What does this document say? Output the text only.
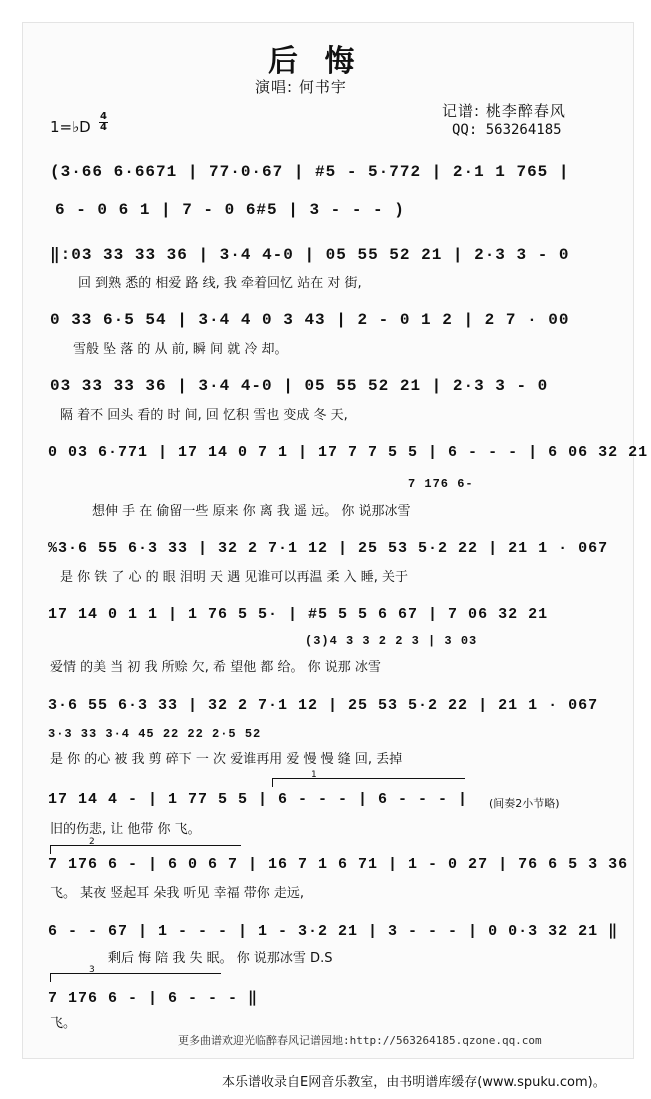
后 悔
演唱: 何书宇
记谱: 桃李醉春风
QQ: 563264185
1=♭D
4
4
(3·66 6·6671 | 77·0·67 | #5 - 5·772 | 2·1 1 765 |
6 - 0 6 1 | 7 - 0 6#5 | 3 - - - )
‖:03 33 33 36 | 3·4 4-0 | 05 55 52 21 | 2·3 3 - 0
回 到熟 悉的 相爱 路 线, 我 牵着回忆 站在 对 街,
0 33 6·5 54 | 3·4 4 0 3 43 | 2 - 0 1 2 | 2 7 · 00
雪般 坠 落 的 从 前, 瞬 间 就 冷 却。
03 33 33 36 | 3·4 4-0 | 05 55 52 21 | 2·3 3 - 0
隔 着不 回头 看的 时 间, 回 忆积 雪也 变成 冬 天,
0 03 6·771 | 17 14 0 7 1 | 17 7 7 5 5 | 6 - - - | 6 06 32 21
7 176 6-
想伸 手 在 偷留一些 原来 你 离 我 遥 远。 你 说那冰雪
%3·6 55 6·3 33 | 32 2 7·1 12 | 25 53 5·2 22 | 21 1 · 067
是 你 铁 了 心 的 眼 泪明 天 遇 见谁可以再温 柔 入 睡, 关于
17 14 0 1 1 | 1 76 5 5· | #5 5 5 6 67 | 7 06 32 21
(3)4 3 3 2 2 3 | 3 03
爱情 的美 当 初 我 所赊 欠, 希 望他 都 给。 你 说那 冰雪
3·6 55 6·3 33 | 32 2 7·1 12 | 25 53 5·2 22 | 21 1 · 067
3·3 33 3·4 45 22 22 2·5 52
是 你 的心 被 我 剪 碎下 一 次 爱谁再用 爱 慢 慢 缝 回, 丢掉
1
17 14 4 - | 1 77 5 5 | 6 - - - | 6 - - - | (间奏2小节略)
旧的伤悲, 让 他带 你 飞。
2
7 176 6 - | 6 0 6 7 | 16 7 1 6 71 | 1 - 0 27 | 76 6 5 3 36
飞。 某夜 竖起耳 朵我 听见 幸福 带你 走远,
6 - - 67 | 1 - - - | 1 - 3·2 21 | 3 - - - | 0 0·3 32 21 ‖
剩后 悔 陪 我 失 眠。 你 说那冰雪 D.S
3
7 176 6 - | 6 - - - ‖
飞。
更多曲谱欢迎光临醉春风记谱园地:http://563264185.qzone.qq.com
本乐谱收录自E网音乐教室，由书明谱库缓存(www.spuku.com)。
